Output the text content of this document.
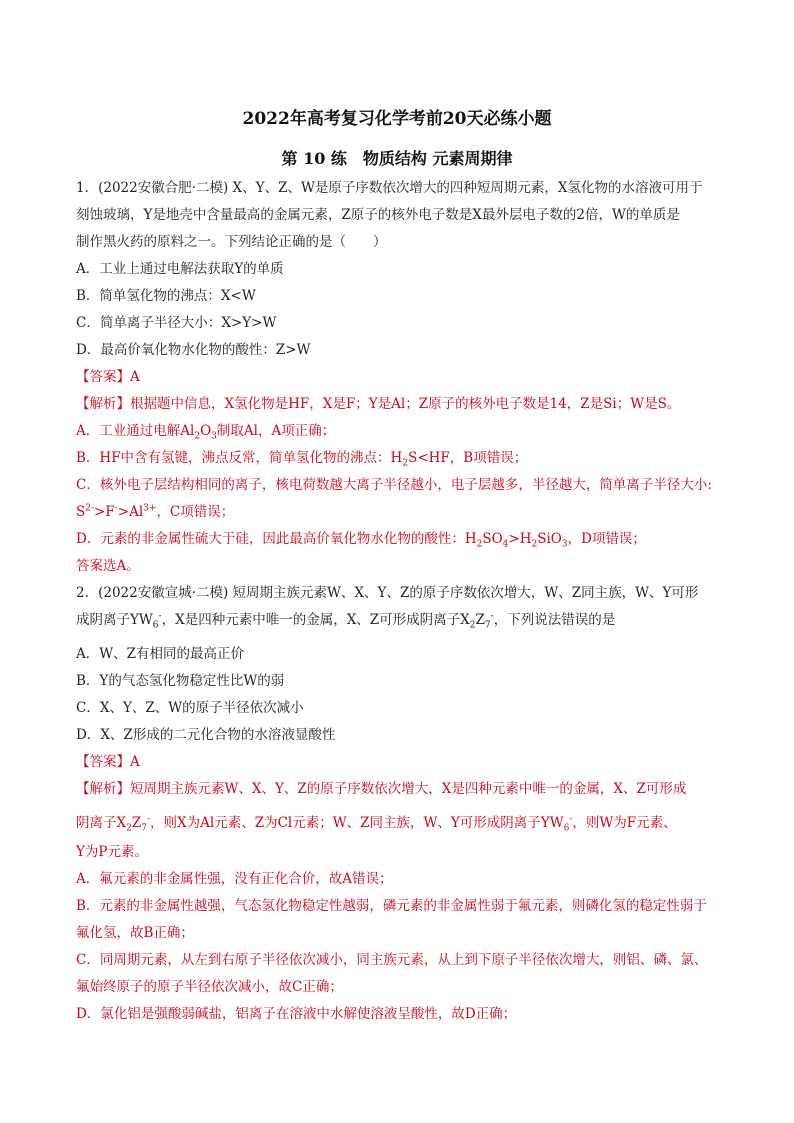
2022年高考复习化学考前20天必练小题
第 10 练　物质结构 元素周期律
1．(2022安徽合肥·二模) X、Y、Z、W是原子序数依次增大的四种短周期元素，X氢化物的水溶液可用于
刻蚀玻璃，Y是地壳中含量最高的金属元素，Z原子的核外电子数是X最外层电子数的2倍，W的单质是
制作黑火药的原料之一。下列结论正确的是（　　）
A．工业上通过电解法获取Y的单质
B．简单氢化物的沸点：X<W
C．简单离子半径大小：X>Y>W
D．最高价氧化物水化物的酸性：Z>W
【答案】A
【解析】根据题中信息，X氢化物是HF，X是F；Y是Al；Z原子的核外电子数是14，Z是Si；W是S。
A．工业通过电解$Al_2O_3$制取Al，A项正确；
B．HF中含有氢键，沸点反常，简单氢化物的沸点：$H_2S<HF$，B项错误；
C．核外电子层结构相同的离子，核电荷数越大离子半径越小，电子层越多，半径越大，简单离子半径大小:
$S^{2-}>F^->Al^{3+}$，C项错误；
D．元素的非金属性硫大于硅，因此最高价氧化物水化物的酸性：$H_2SO_4>H_2SiO_3$，D项错误；
答案选A。
2．(2022安徽宣城·二模) 短周期主族元素W、X、Y、Z的原子序数依次增大，W、Z同主族，W、Y可形
成阴离子$YW_6^-$，X是四种元素中唯一的金属，X、Z可形成阴离子$X_2Z_7^-$，下列说法错误的是
A．W、Z有相同的最高正价
B．Y的气态氢化物稳定性比W的弱
C．X、Y、Z、W的原子半径依次减小
D．X、Z形成的二元化合物的水溶液显酸性
【答案】A
【解析】短周期主族元素W、X、Y、Z的原子序数依次增大，X是四种元素中唯一的金属，X、Z可形成
阴离子$X_2Z_7^-$，则X为Al元素、Z为Cl元素；W、Z同主族，W、Y可形成阴离子$YW_6^-$，则W为F元素、
Y为P元素。
A．氟元素的非金属性强，没有正化合价，故A错误；
B．元素的非金属性越强，气态氢化物稳定性越弱，磷元素的非金属性弱于氟元素，则磷化氢的稳定性弱于
氟化氢，故B正确；
C．同周期元素，从左到右原子半径依次减小，同主族元素，从上到下原子半径依次增大，则铝、磷、氯、
氟始终原子的原子半径依次减小，故C正确；
D．氯化铝是强酸弱碱盐，铝离子在溶液中水解使溶液呈酸性，故D正确；
